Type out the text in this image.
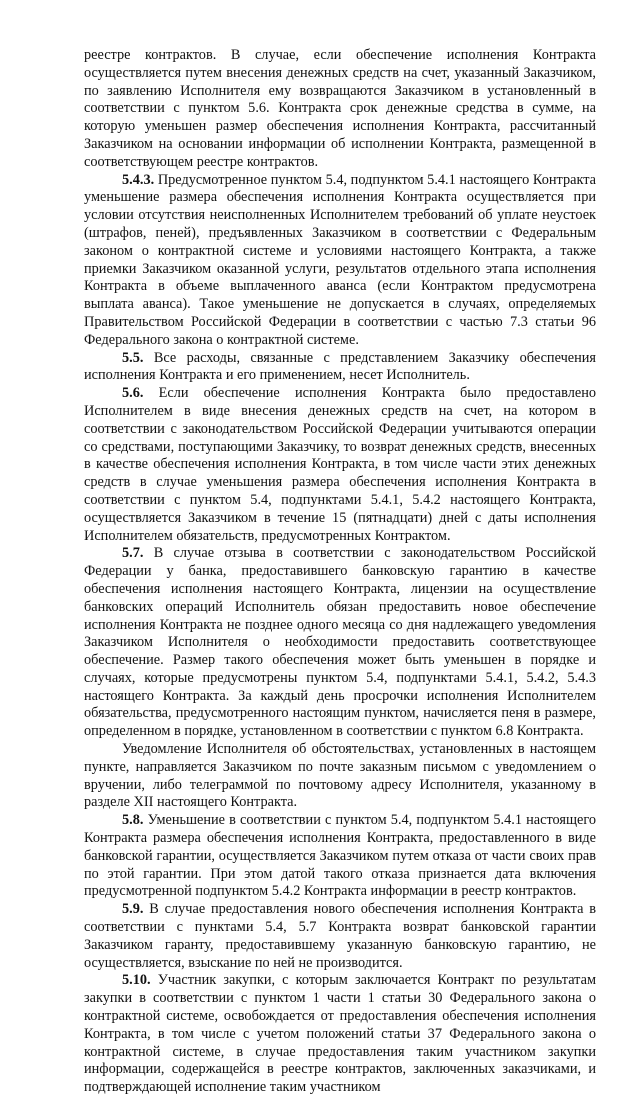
реестре контрактов. В случае, если обеспечение исполнения Контракта осуществляется путем внесения денежных средств на счет, указанный Заказчиком, по заявлению Исполнителя ему возвращаются Заказчиком в установленный в соответствии с пунктом 5.6. Контракта срок денежные средства в сумме, на которую уменьшен размер обеспечения исполнения Контракта, рассчитанный Заказчиком на основании информации об исполнении Контракта, размещенной в соответствующем реестре контрактов.

5.4.3. Предусмотренное пунктом 5.4, подпунктом 5.4.1 настоящего Контракта уменьшение размера обеспечения исполнения Контракта осуществляется при условии отсутствия неисполненных Исполнителем требований об уплате неустоек (штрафов, пеней), предъявленных Заказчиком в соответствии с Федеральным законом о контрактной системе и условиями настоящего Контракта, а также приемки Заказчиком оказанной услуги, результатов отдельного этапа исполнения Контракта в объеме выплаченного аванса (если Контрактом предусмотрена выплата аванса). Такое уменьшение не допускается в случаях, определяемых Правительством Российской Федерации в соответствии с частью 7.3 статьи 96 Федерального закона о контрактной системе.

5.5. Все расходы, связанные с представлением Заказчику обеспечения исполнения Контракта и его применением, несет Исполнитель.

5.6. Если обеспечение исполнения Контракта было предоставлено Исполнителем в виде внесения денежных средств на счет, на котором в соответствии с законодательством Российской Федерации учитываются операции со средствами, поступающими Заказчику, то возврат денежных средств, внесенных в качестве обеспечения исполнения Контракта, в том числе части этих денежных средств в случае уменьшения размера обеспечения исполнения Контракта в соответствии с пунктом 5.4, подпунктами 5.4.1, 5.4.2 настоящего Контракта, осуществляется Заказчиком в течение 15 (пятнадцати) дней с даты исполнения Исполнителем обязательств, предусмотренных Контрактом.

5.7. В случае отзыва в соответствии с законодательством Российской Федерации у банка, предоставившего банковскую гарантию в качестве обеспечения исполнения настоящего Контракта, лицензии на осуществление банковских операций Исполнитель обязан предоставить новое обеспечение исполнения Контракта не позднее одного месяца со дня надлежащего уведомления Заказчиком Исполнителя о необходимости предоставить соответствующее обеспечение. Размер такого обеспечения может быть уменьшен в порядке и случаях, которые предусмотрены пунктом 5.4, подпунктами 5.4.1, 5.4.2, 5.4.3 настоящего Контракта. За каждый день просрочки исполнения Исполнителем обязательства, предусмотренного настоящим пунктом, начисляется пеня в размере, определенном в порядке, установленном в соответствии с пунктом 6.8 Контракта.

Уведомление Исполнителя об обстоятельствах, установленных в настоящем пункте, направляется Заказчиком по почте заказным письмом с уведомлением о вручении, либо телеграммой по почтовому адресу Исполнителя, указанному в разделе XII настоящего Контракта.

5.8. Уменьшение в соответствии с пунктом 5.4, подпунктом 5.4.1 настоящего Контракта размера обеспечения исполнения Контракта, предоставленного в виде банковской гарантии, осуществляется Заказчиком путем отказа от части своих прав по этой гарантии. При этом датой такого отказа признается дата включения предусмотренной подпунктом 5.4.2 Контракта информации в реестр контрактов.

5.9. В случае предоставления нового обеспечения исполнения Контракта в соответствии с пунктами 5.4, 5.7 Контракта возврат банковской гарантии Заказчиком гаранту, предоставившему указанную банковскую гарантию, не осуществляется, взыскание по ней не производится.

5.10. Участник закупки, с которым заключается Контракт по результатам закупки в соответствии с пунктом 1 части 1 статьи 30 Федерального закона о контрактной системе, освобождается от предоставления обеспечения исполнения Контракта, в том числе с учетом положений статьи 37 Федерального закона о контрактной системе, в случае предоставления таким участником закупки информации, содержащейся в реестре контрактов, заключенных заказчиками, и подтверждающей исполнение таким участником
